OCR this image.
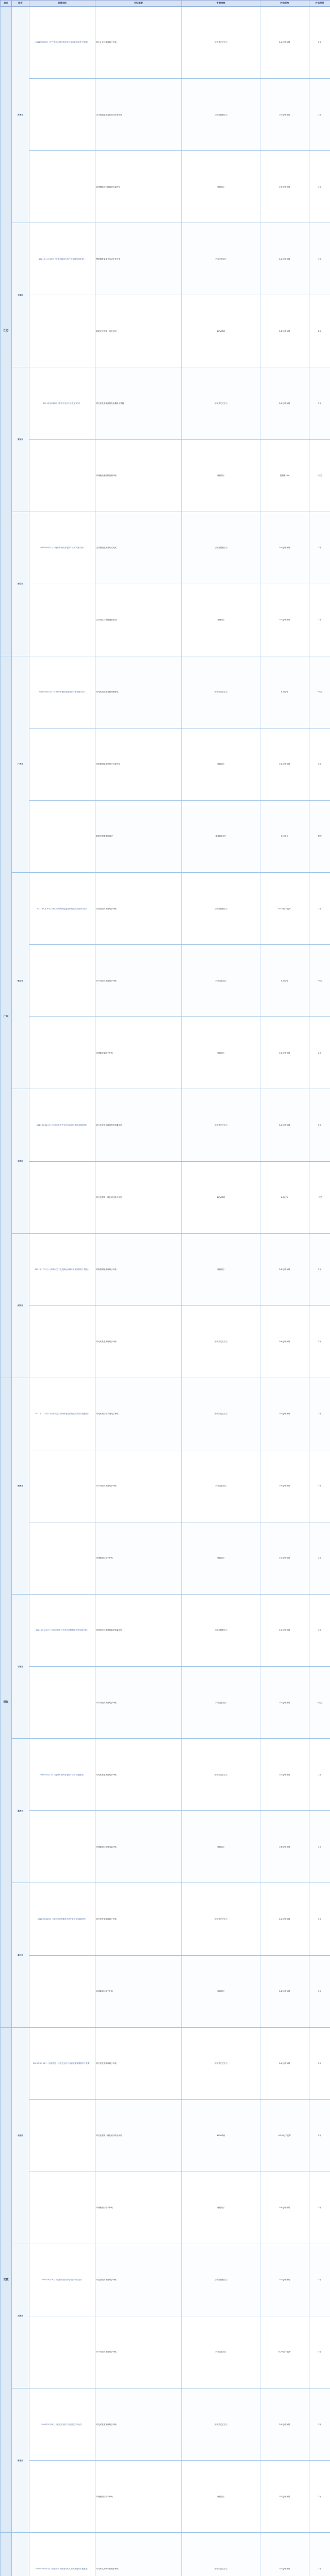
地区	城市	政策名称	补贴类型	补贴对象	补贴标准	补贴时间
江苏	苏州市	2021年3月9日《关于苏州市加快推进光伏发电应用的若干措施》	对企业光伏项目给予补贴	分布式光伏项目	0.1元/千瓦时	3年
			公共建筑屋顶光伏项目给予补贴	工商业屋顶项目	0.1元/千瓦时	2年
			新建储能项目按装机容量补贴	储能项目	0.3元/千瓦时	3年
	无锡市	2021年11月19日《无锡市推动光伏产业发展实施意见》	整县推进屋顶分布式光伏开发	户用光伏项目	0.1元/千瓦时	1年
			鼓励光伏建筑一体化项目	BIPV项目	0.2元/千瓦时	2年
	常州市	2021年3月10日《常州市光伏产业发展规划》	对光伏发电项目按发电量给予奖励	分布式光伏项目	0.1元/千瓦时	3年
			对储能设施按投资额补贴	储能项目	投资额10%	一次性
	南京市	2021年8月31日《南京市光伏发电推广应用实施方案》	支持建设屋顶分布式光伏	工商业屋顶项目	0.1元/千瓦时	2年
			支持光伏与储能配套建设	光储项目	0.2元/千瓦时	2年
广东	广州市	2021年5月22日《广州市黄埔区促进光伏产业发展办法》	对光伏电站按装机规模补贴	分布式光伏项目	0.3元/瓦	一次性
			对新建储能电站给予运营补贴	储能项目	0.2元/千瓦时	2年
			鼓励开展需求侧响应	需求响应用户	5元/千瓦	按次
	佛山市	2021年4月26日《佛山市南海区促进光伏发电应用扶持办法》	对屋顶光伏项目给予补贴	工商业屋顶项目	0.15元/千瓦时	2年
			对户用光伏项目给予补贴	户用光伏项目	0.3元/瓦	一次性
			对储能设施给予补贴	储能项目	0.2元/千瓦时	2年
	东莞市	2021年6月24日《东莞市分布式光伏发电项目资助实施细则》	对分布式光伏项目按发电量补贴	分布式光伏项目	0.1元/千瓦时	5年
			对光伏建筑一体化项目给予补贴	BIPV项目	0.5元/瓦	一次性
	深圳市	2021年7月22日《深圳市关于促进绿色低碳产业发展的若干措施》	对新型储能项目给予补贴	储能项目	0.5元/千瓦时	3年
			对光伏发电项目给予补贴	分布式光伏项目	0.4元/千瓦时	3年
浙江	杭州市	2021年11月8日《杭州市关于加快推进光伏发电应用的实施意见》	对光伏项目给予发电量补贴	分布式光伏项目	0.1元/千瓦时	2年
			对户用光伏项目给予补贴	户用光伏项目	0.3元/千瓦时	3年
			对储能项目给予补贴	储能项目	0.2元/千瓦时	2年
	宁波市	2021年6月18日《宁波市推进分布式光伏规模化开发实施方案》	对屋顶光伏项目按装机容量补贴	工商业屋顶项目	0.1元/千瓦时	3年
			对户用光伏项目给予补贴	户用光伏项目	0.2元/千瓦时	一次性
	温州市	2021年3月12日《温州市光伏发电推广应用实施意见》	对光伏发电项目给予补贴	分布式光伏项目	0.1元/千瓦时	2年
			对储能项目按放电量补贴	储能项目	0.8元/千瓦时	2年
	嘉兴市	2021年9月25日《嘉兴市加快推进光伏产业发展实施意见》	对光伏发电项目给予补贴	分布式光伏项目	0.1元/千瓦时	3年
			对储能项目给予补贴	储能项目	0.2元/千瓦时	3年
安徽	合肥市	2021年6月30日《合肥市进一步促进光伏产业高质量发展的若干政策》	对光伏发电项目给予补贴	分布式光伏项目	0.1元/千瓦时	5年
			对光伏建筑一体化项目给予补贴	BIPV项目	0.15元/千瓦时	5年
			对储能项目给予补贴	储能项目	0.3元/千瓦时	2年
	芜湖市	2021年4月28日《芜湖市光伏发电项目补贴办法》	对屋顶光伏项目给予补贴	工商业屋顶项目	0.1元/千瓦时	3年
			对户用光伏项目给予补贴	户用光伏项目	0.25元/千瓦时	3年
	淮北市	2021年1月10日《淮北市光伏产业发展扶持办法》	对光伏发电项目给予补贴	分布式光伏项目	0.1元/千瓦时	3年
			对储能项目给予补贴	储能项目	0.2元/千瓦时	2年
		2021年12月22日《重庆市关于推进分布式光伏发展的实施意见》	对分布式光伏项目给予补贴	分布式光伏项目	0.1元/千瓦时	2年
